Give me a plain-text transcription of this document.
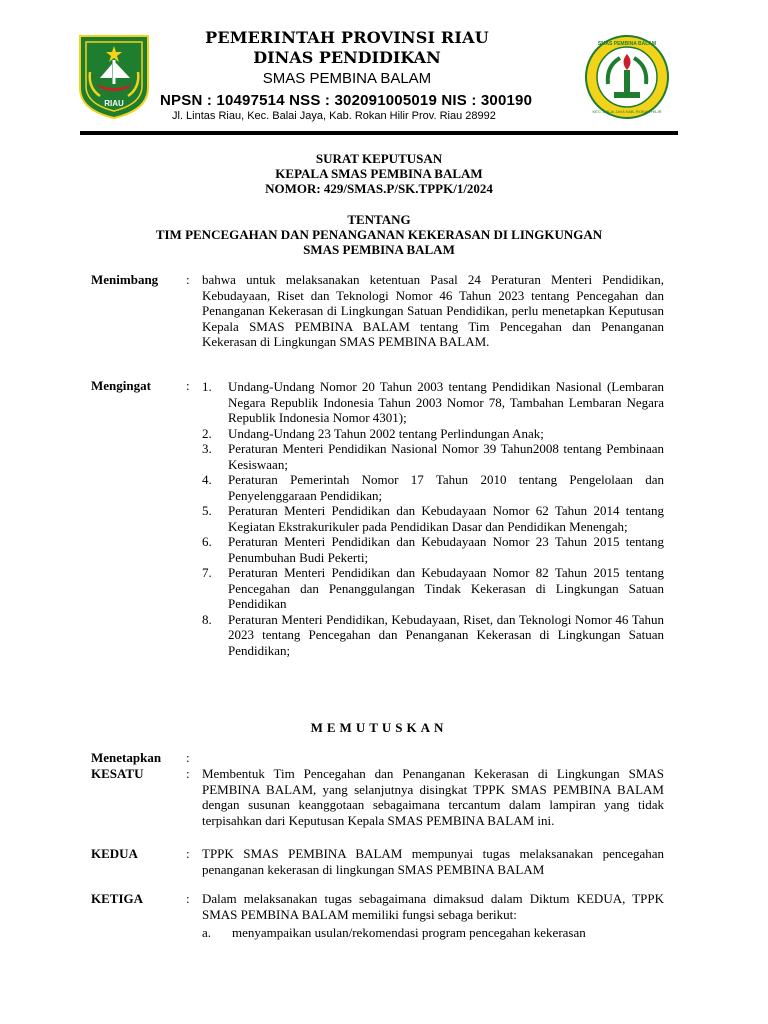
RIAU
PEMERINTAH PROVINSI RIAU
DINAS PENDIDIKAN
SMAS PEMBINA BALAM
NPSN : 10497514 NSS : 302091005019 NIS : 300190
Jl. Lintas Riau, Kec. Balai Jaya, Kab. Rokan Hilir Prov. Riau 28992
SMAS PEMBINA BALAM
KEC. BALAI JAYA KAB. ROKAN HILIR
SURAT KEPUTUSAN
KEPALA SMAS PEMBINA BALAM
NOMOR: 429/SMAS.P/SK.TPPK/1/2024
TENTANG
TIM PENCEGAHAN DAN PENANGANAN KEKERASAN DI LINGKUNGAN
SMAS PEMBINA BALAM
Menimbang : bahwa untuk melaksanakan ketentuan Pasal 24 Peraturan Menteri Pendidikan, Kebudayaan, Riset dan Teknologi Nomor 46 Tahun 2023 tentang Pencegahan dan Penanganan Kekerasan di Lingkungan Satuan Pendidikan, perlu menetapkan Keputusan Kepala SMAS PEMBINA BALAM tentang Tim Pencegahan dan Penanganan Kekerasan di Lingkungan SMAS PEMBINA BALAM.
Mengingat	: 1. Undang-Undang Nomor 20 Tahun 2003 tentang Pendidikan Nasional (Lembaran Negara Republik Indonesia Tahun 2003 Nomor 78, Tambahan Lembaran Negara Republik Indonesia Nomor 4301);
2. Undang-Undang 23 Tahun 2002 tentang Perlindungan Anak;
3. Peraturan Menteri Pendidikan Nasional Nomor 39 Tahun2008 tentang Pembinaan Kesiswaan;
4. Peraturan Pemerintah Nomor 17 Tahun 2010 tentang Pengelolaan dan Penyelenggaraan Pendidikan;
5. Peraturan Menteri Pendidikan dan Kebudayaan Nomor 62 Tahun 2014 tentang Kegiatan Ekstrakurikuler pada Pendidikan Dasar dan Pendidikan Menengah;
6. Peraturan Menteri Pendidikan dan Kebudayaan Nomor 23 Tahun 2015 tentang Penumbuhan Budi Pekerti;
7. Peraturan Menteri Pendidikan dan Kebudayaan Nomor 82 Tahun 2015 tentang Pencegahan dan Penanggulangan Tindak Kekerasan di Lingkungan Satuan Pendidikan
8. Peraturan Menteri Pendidikan, Kebudayaan, Riset, dan Teknologi Nomor 46 Tahun 2023 tentang Pencegahan dan Penanganan Kekerasan di Lingkungan Satuan Pendidikan;
MEMUTUSKAN
Menetapkan :
KESATU	: Membentuk Tim Pencegahan dan Penanganan Kekerasan di Lingkungan SMAS PEMBINA BALAM, yang selanjutnya disingkat TPPK SMAS PEMBINA BALAM dengan susunan keanggotaan sebagaimana tercantum dalam lampiran yang tidak terpisahkan dari Keputusan Kepala SMAS PEMBINA BALAM ini.
KEDUA	: TPPK SMAS PEMBINA BALAM mempunyai tugas melaksanakan pencegahan penanganan kekerasan di lingkungan SMAS PEMBINA BALAM
KETIGA	: Dalam melaksanakan tugas sebagaimana dimaksud dalam Diktum KEDUA, TPPK SMAS PEMBINA BALAM memiliki fungsi sebaga berikut:
a. menyampaikan usulan/rekomendasi program pencegahan kekerasan
